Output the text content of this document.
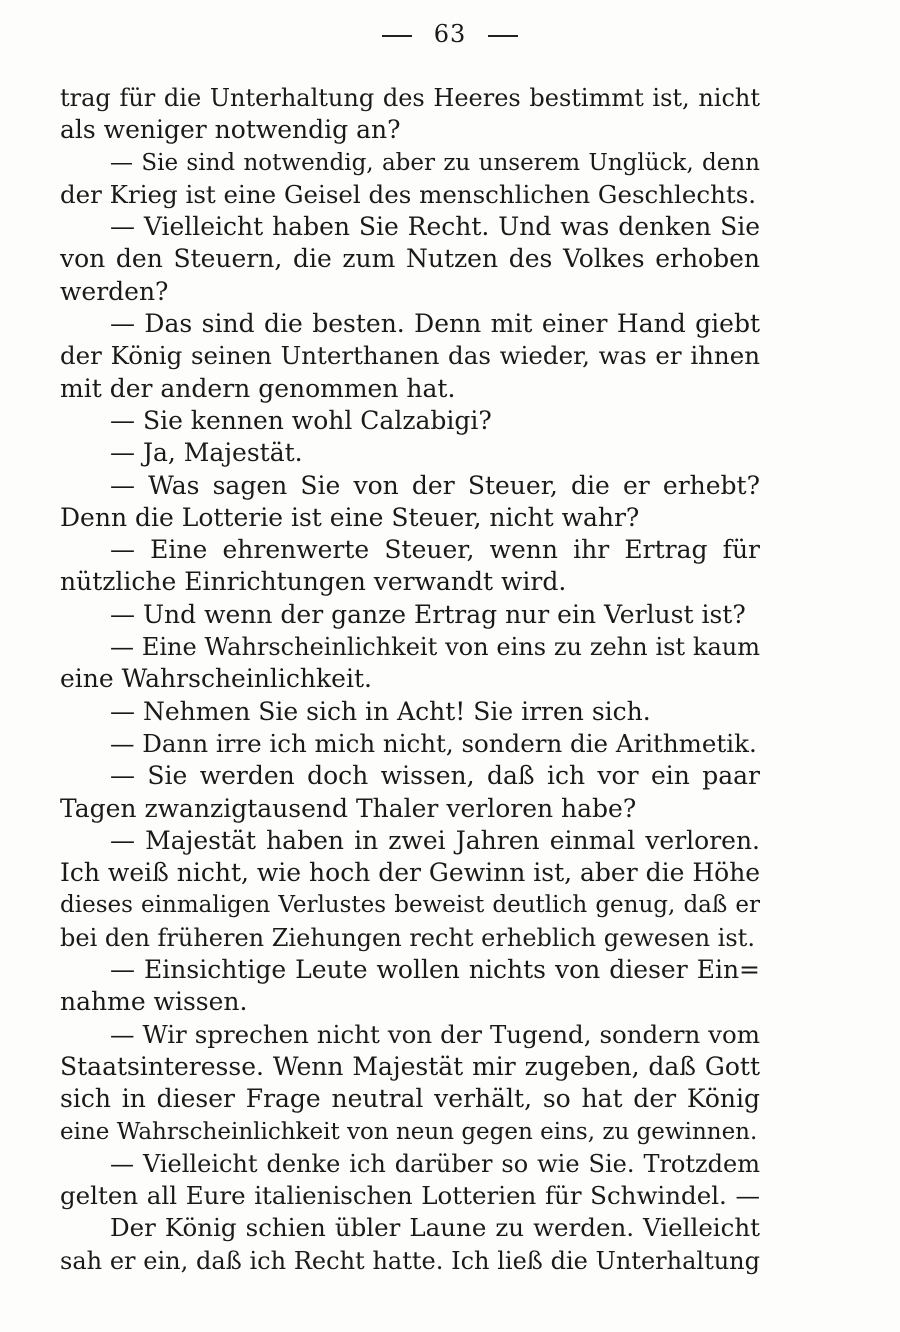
63
trag für die Unterhaltung des Heeres bestimmt ist, nicht
als weniger notwendig an?
— Sie sind notwendig, aber zu unserem Unglück, denn
der Krieg ist eine Geisel des menschlichen Geschlechts.
— Vielleicht haben Sie Recht. Und was denken Sie
von den Steuern, die zum Nutzen des Volkes erhoben
werden?
— Das sind die besten. Denn mit einer Hand giebt
der König seinen Unterthanen das wieder, was er ihnen
mit der andern genommen hat.
— Sie kennen wohl Calzabigi?
— Ja, Majestät.
— Was sagen Sie von der Steuer, die er erhebt?
Denn die Lotterie ist eine Steuer, nicht wahr?
— Eine ehrenwerte Steuer, wenn ihr Ertrag für
nützliche Einrichtungen verwandt wird.
— Und wenn der ganze Ertrag nur ein Verlust ist?
— Eine Wahrscheinlichkeit von eins zu zehn ist kaum
eine Wahrscheinlichkeit.
— Nehmen Sie sich in Acht! Sie irren sich.
— Dann irre ich mich nicht, sondern die Arithmetik.
— Sie werden doch wissen, daß ich vor ein paar
Tagen zwanzigtausend Thaler verloren habe?
— Majestät haben in zwei Jahren einmal verloren.
Ich weiß nicht, wie hoch der Gewinn ist, aber die Höhe
dieses einmaligen Verlustes beweist deutlich genug, daß er
bei den früheren Ziehungen recht erheblich gewesen ist.
— Einsichtige Leute wollen nichts von dieser Ein=
nahme wissen.
— Wir sprechen nicht von der Tugend, sondern vom
Staatsinteresse. Wenn Majestät mir zugeben, daß Gott
sich in dieser Frage neutral verhält, so hat der König
eine Wahrscheinlichkeit von neun gegen eins, zu gewinnen.
— Vielleicht denke ich darüber so wie Sie. Trotzdem
gelten all Eure italienischen Lotterien für Schwindel. —
Der König schien übler Laune zu werden. Vielleicht
sah er ein, daß ich Recht hatte. Ich ließ die Unterhaltung
